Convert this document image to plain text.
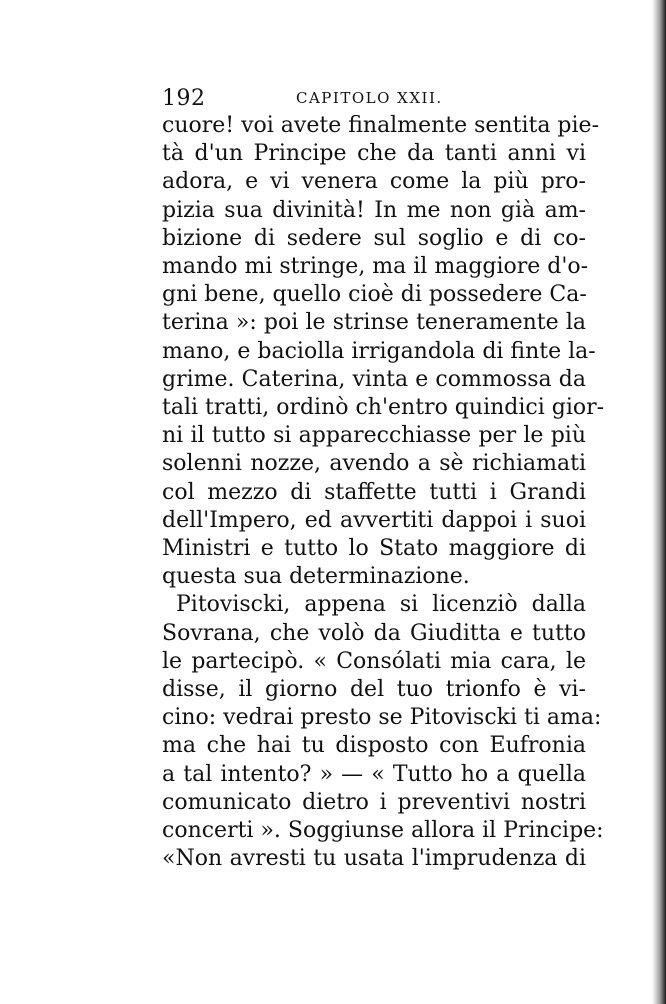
192	CAPITOLO XXII.
cuore! voi avete finalmente sentita pie-
tà d'un Principe che da tanti anni vi
adora, e vi venera come la più pro-
pizia sua divinità! In me non già am-
bizione di sedere sul soglio e di co-
mando mi stringe, ma il maggiore d'o-
gni bene, quello cioè di possedere Ca-
terina »: poi le strinse teneramente la
mano, e baciolla irrigandola di finte la-
grime. Caterina, vinta e commossa da
tali tratti, ordinò ch'entro quindici gior-
ni il tutto si apparecchiasse per le più
solenni nozze, avendo a sè richiamati
col mezzo di staffette tutti i Grandi
dell'Impero, ed avvertiti dappoi i suoi
Ministri e tutto lo Stato maggiore di
questa sua determinazione.
Pitoviscki, appena si licenziò dalla
Sovrana, che volò da Giuditta e tutto
le partecipò. « Consólati mia cara, le
disse, il giorno del tuo trionfo è vi-
cino: vedrai presto se Pitoviscki ti ama:
ma che hai tu disposto con Eufronia
a tal intento? » — « Tutto ho a quella
comunicato dietro i preventivi nostri
concerti ». Soggiunse allora il Principe:
«Non avresti tu usata l'imprudenza di
